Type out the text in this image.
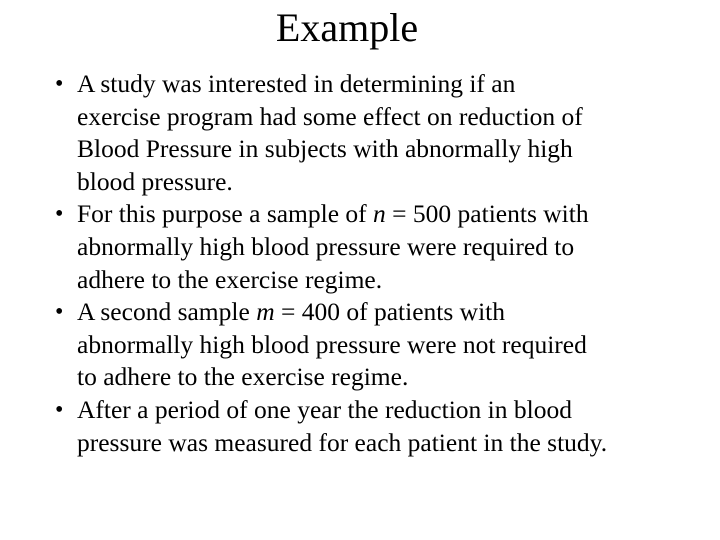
Example
• A study was interested in determining if an
exercise program had some effect on reduction of
Blood Pressure in subjects with abnormally high
blood pressure.
• For this purpose a sample of n = 500 patients with
abnormally high blood pressure were required to
adhere to the exercise regime.
• A second sample m = 400 of patients with
abnormally high blood pressure were not required
to adhere to the exercise regime.
• After a period of one year the reduction in blood
pressure was measured for each patient in the study.
